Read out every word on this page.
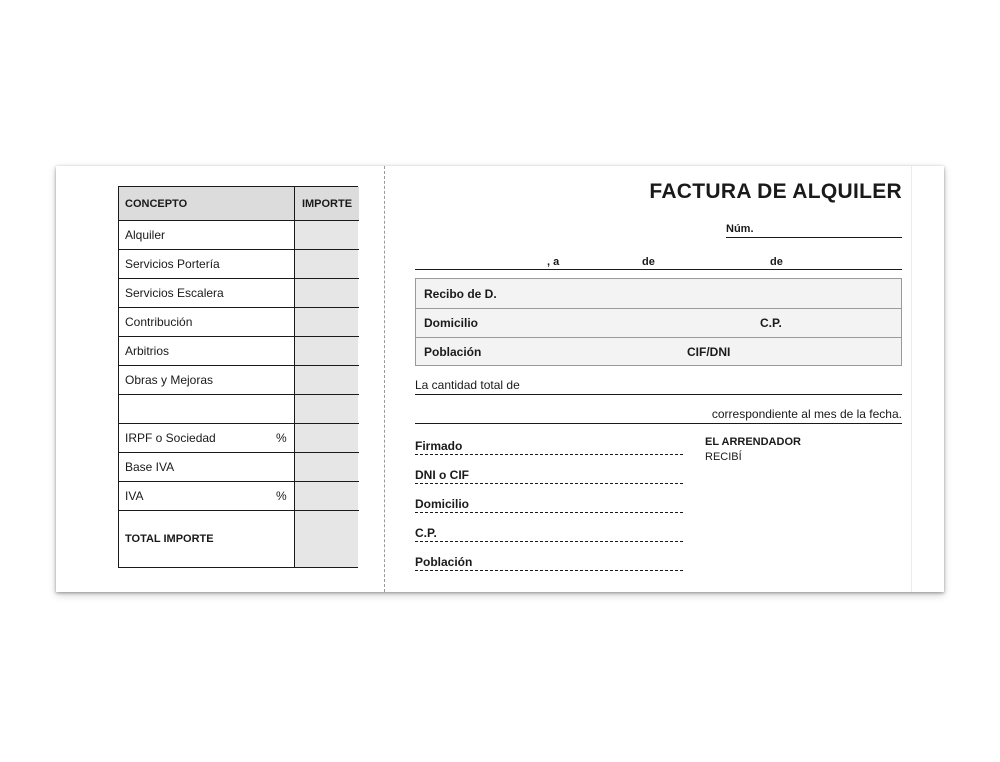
CONCEPTO	IMPORTE
Alquiler
Servicios Portería
Servicios Escalera
Contribución
Arbitrios
Obras y Mejoras
IRPF o Sociedad	%
Base IVA
IVA	%
TOTAL IMPORTE
FACTURA DE ALQUILER
Núm.
, a	de	de
Recibo de D.
Domicilio	C.P.
Población	CIF/DNI
La cantidad total de
correspondiente al mes de la fecha.
Firmado
DNI o CIF
Domicilio
C.P.
Población
EL ARRENDADOR
RECIBÍ
